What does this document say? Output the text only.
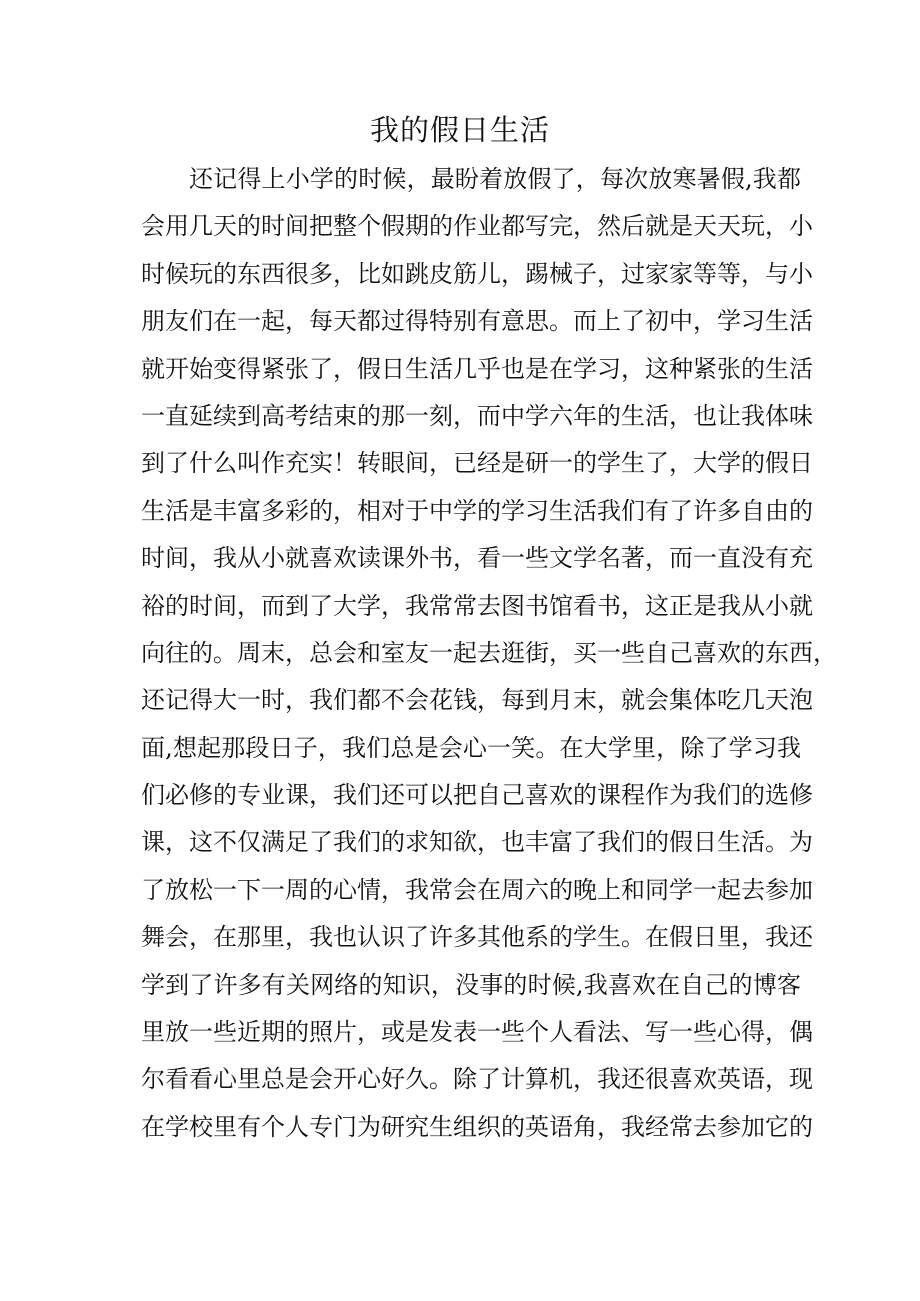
我的假日生活
还记得上小学的时候，最盼着放假了，每次放寒暑假,我都
会用几天的时间把整个假期的作业都写完，然后就是天天玩，小
时候玩的东西很多，比如跳皮筋儿，踢械子，过家家等等，与小
朋友们在一起，每天都过得特别有意思。而上了初中，学习生活
就开始变得紧张了，假日生活几乎也是在学习，这种紧张的生活
一直延续到高考结束的那一刻，而中学六年的生活，也让我体味
到了什么叫作充实！转眼间，已经是研一的学生了，大学的假日
生活是丰富多彩的，相对于中学的学习生活我们有了许多自由的
时间，我从小就喜欢读课外书，看一些文学名著，而一直没有充
裕的时间，而到了大学，我常常去图书馆看书，这正是我从小就
向往的。周末，总会和室友一起去逛街，买一些自己喜欢的东西，
还记得大一时，我们都不会花钱，每到月末，就会集体吃几天泡
面,想起那段日子，我们总是会心一笑。在大学里，除了学习我
们必修的专业课，我们还可以把自己喜欢的课程作为我们的选修
课，这不仅满足了我们的求知欲，也丰富了我们的假日生活。为
了放松一下一周的心情，我常会在周六的晚上和同学一起去参加
舞会，在那里，我也认识了许多其他系的学生。在假日里，我还
学到了许多有关网络的知识，没事的时候,我喜欢在自己的博客
里放一些近期的照片，或是发表一些个人看法、写一些心得，偶
尔看看心里总是会开心好久。除了计算机，我还很喜欢英语，现
在学校里有个人专门为研究生组织的英语角，我经常去参加它的
